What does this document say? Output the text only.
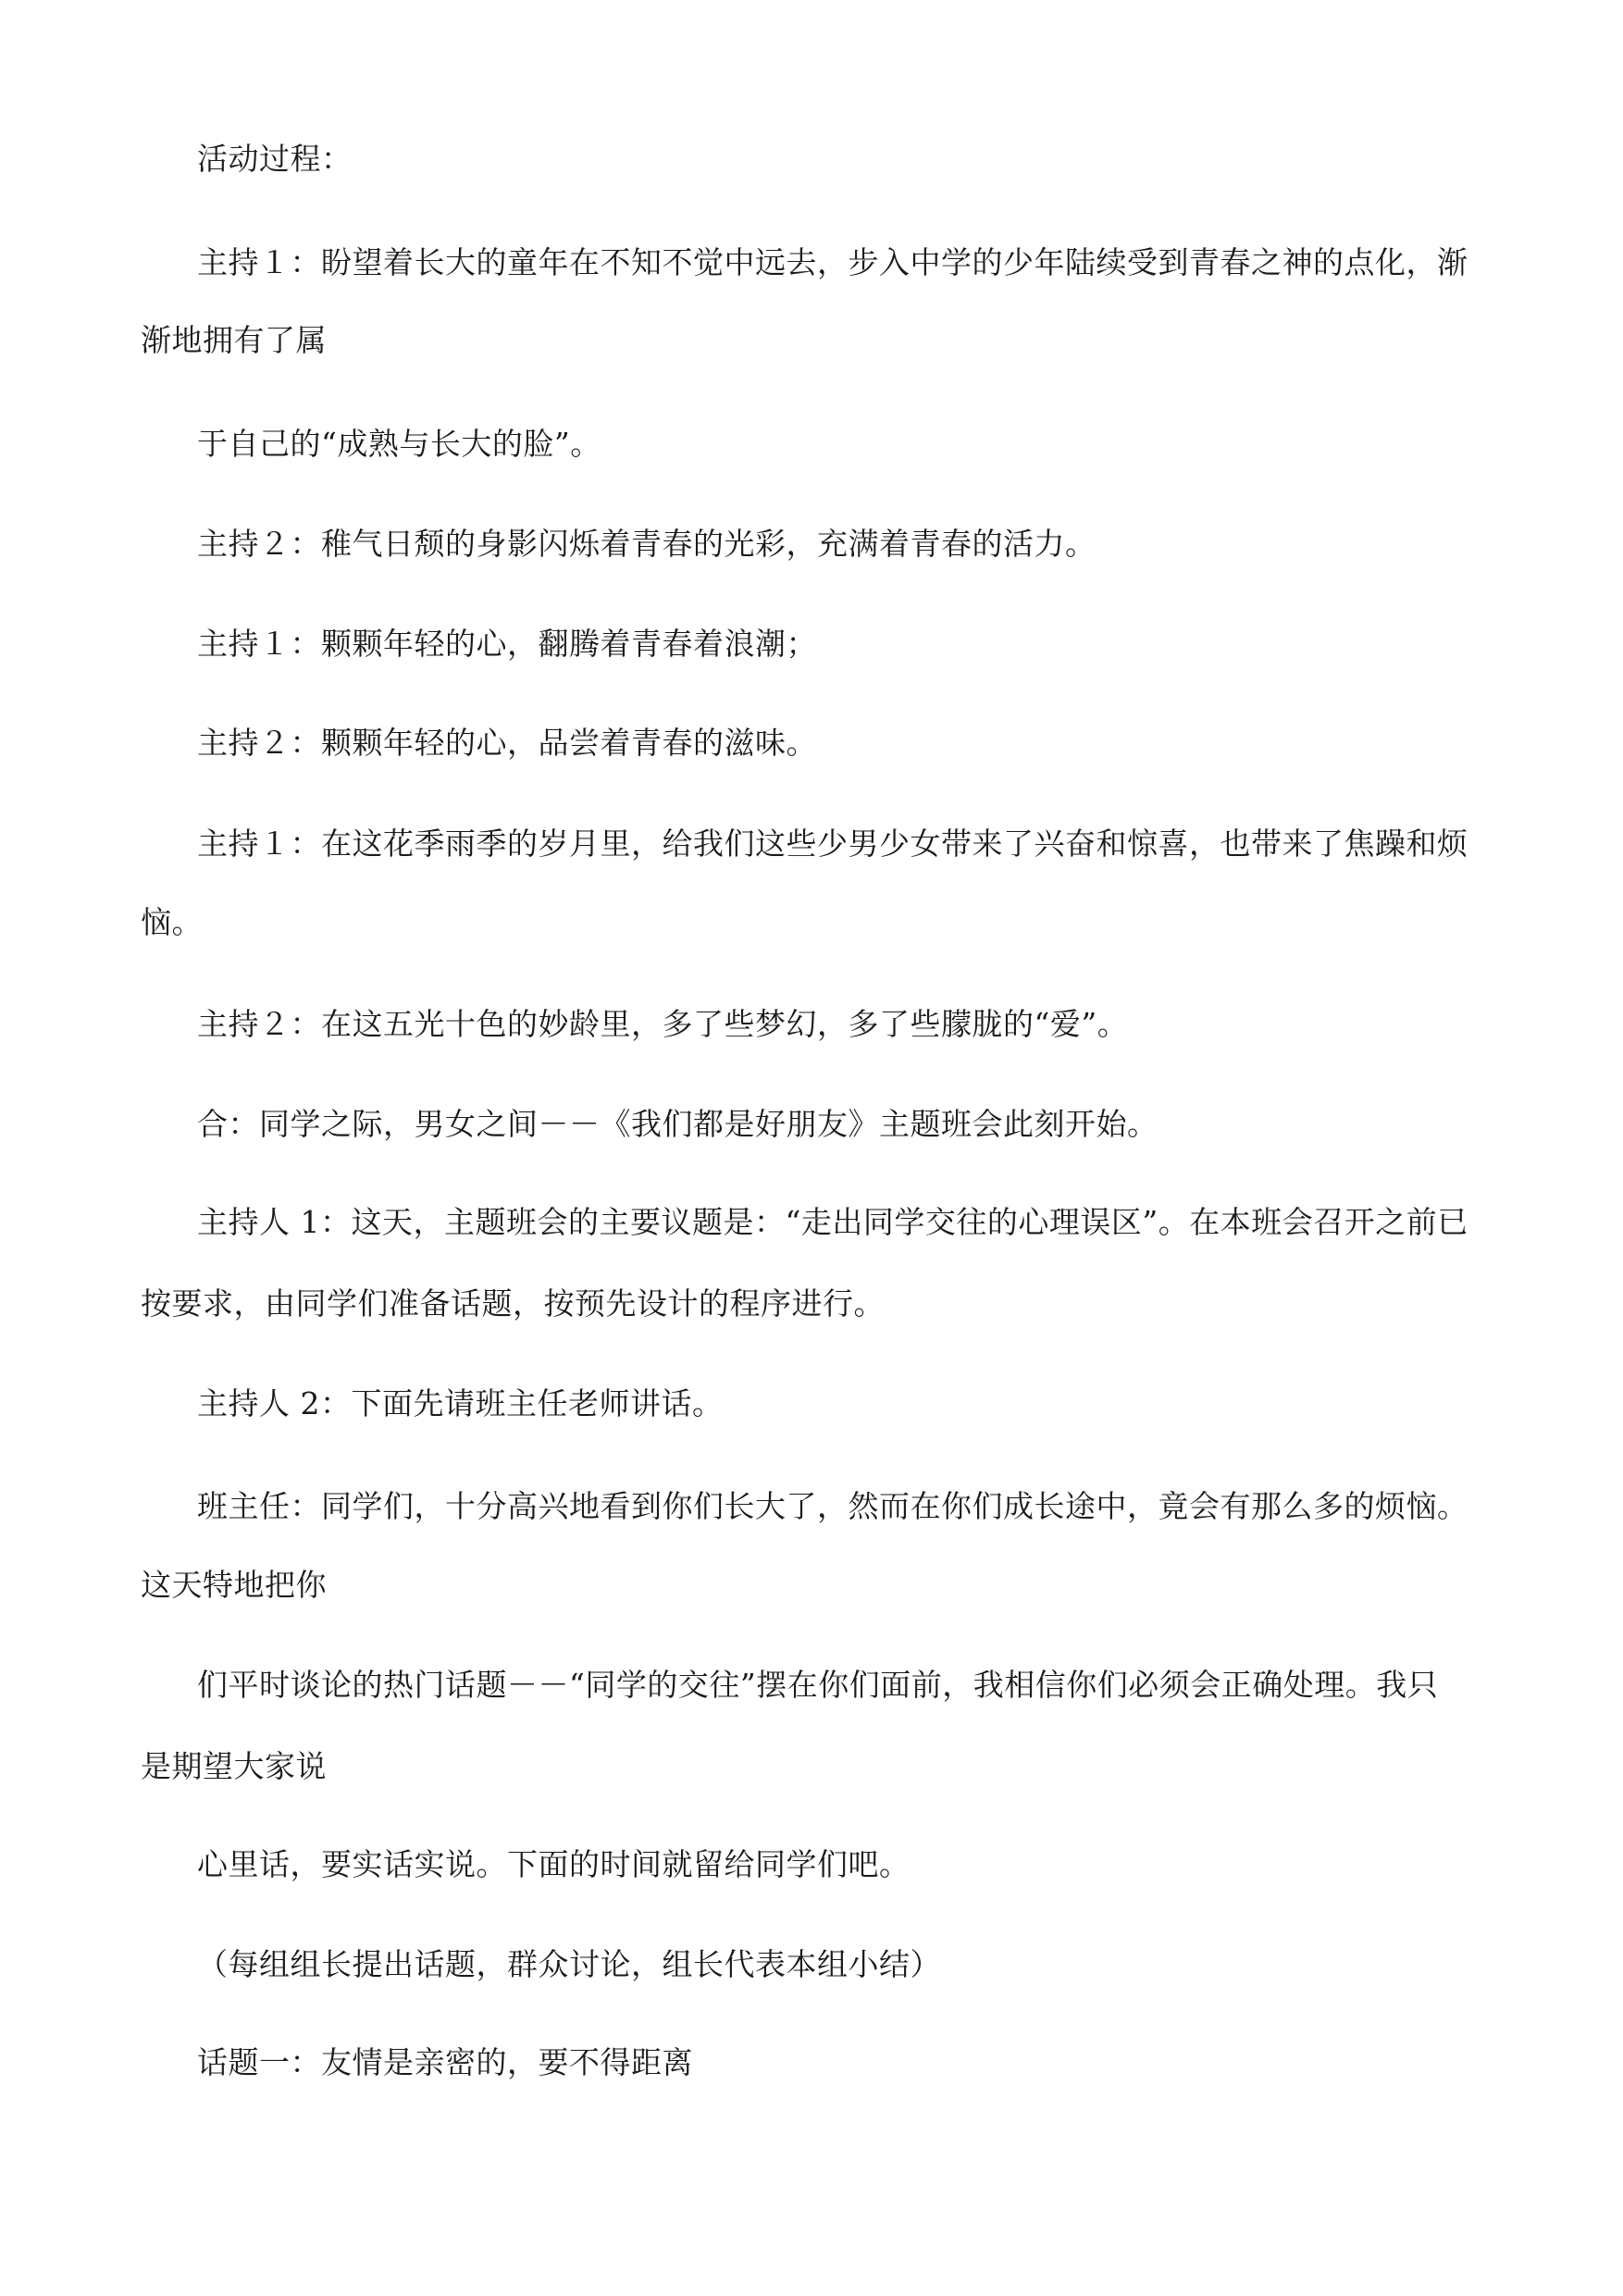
活动过程：
主持１：盼望着长大的童年在不知不觉中远去，步入中学的少年陆续受到青春之神的点化，渐
渐地拥有了属
于自己的“成熟与长大的脸”。
主持２：稚气日颓的身影闪烁着青春的光彩，充满着青春的活力。
主持１：颗颗年轻的心，翻腾着青春着浪潮；
主持２：颗颗年轻的心，品尝着青春的滋味。
主持１：在这花季雨季的岁月里，给我们这些少男少女带来了兴奋和惊喜，也带来了焦躁和烦
恼。
主持２：在这五光十色的妙龄里，多了些梦幻，多了些朦胧的“爱”。
合：同学之际，男女之间－－《我们都是好朋友》主题班会此刻开始。
主持人 1：这天，主题班会的主要议题是：“走出同学交往的心理误区”。在本班会召开之前已
按要求，由同学们准备话题，按预先设计的程序进行。
主持人 2：下面先请班主任老师讲话。
班主任：同学们，十分高兴地看到你们长大了，然而在你们成长途中，竟会有那么多的烦恼。
这天特地把你
们平时谈论的热门话题－－“同学的交往”摆在你们面前，我相信你们必须会正确处理。我只
是期望大家说
心里话，要实话实说。下面的时间就留给同学们吧。
（每组组长提出话题，群众讨论，组长代表本组小结）
话题一：友情是亲密的，要不得距离
